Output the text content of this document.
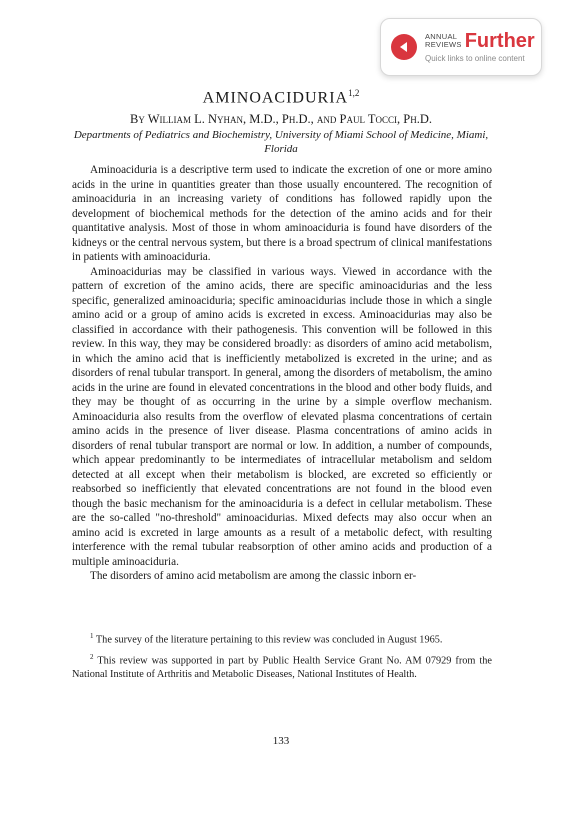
ANNUAL
REVIEWS Further
Quick links to online content
AMINOACIDURIA$^{1,2}$
By William L. Nyhan, M.D., Ph.D., and Paul Tocci, Ph.D.
Departments of Pediatrics and Biochemistry, University of Miami School of Medicine, Miami, Florida

Aminoaciduria is a descriptive term used to indicate the excretion of one or more amino acids in the urine in quantities greater than those usually encountered. The recognition of aminoaciduria in an increasing variety of conditions has followed rapidly upon the development of biochemical methods for the detection of the amino acids and for their quantitative analysis. Most of those in whom aminoaciduria is found have disorders of the kidneys or the central nervous system, but there is a broad spectrum of clinical manifestations in patients with aminoaciduria.

Aminoacidurias may be classified in various ways. Viewed in accordance with the pattern of excretion of the amino acids, there are specific aminoacidurias and the less specific, generalized aminoaciduria; specific aminoacidurias include those in which a single amino acid or a group of amino acids is excreted in excess. Aminoacidurias may also be classified in accordance with their pathogenesis. This convention will be followed in this review. In this way, they may be considered broadly: as disorders of amino acid metabolism, in which the amino acid that is inefficiently metabolized is excreted in the urine; and as disorders of renal tubular transport. In general, among the disorders of metabolism, the amino acids in the urine are found in elevated concentrations in the blood and other body fluids, and they may be thought of as occurring in the urine by a simple overflow mechanism. Aminoaciduria also results from the overflow of elevated plasma concentrations of certain amino acids in the presence of liver disease. Plasma concentrations of amino acids in disorders of renal tubular transport are normal or low. In addition, a number of compounds, which appear predominantly to be intermediates of intracellular metabolism and seldom detected at all except when their metabolism is blocked, are excreted so efficiently or reabsorbed so inefficiently that elevated concentrations are not found in the blood even though the basic mechanism for the aminoaciduria is a defect in cellular metabolism. These are the so-called "no-threshold" aminoacidurias. Mixed defects may also occur when an amino acid is excreted in large amounts as a result of a metabolic defect, with resulting interference with the remal tubular reabsorption of other amino acids and production of a multiple aminoaciduria.

The disorders of amino acid metabolism are among the classic inborn er-

$^1$ The survey of the literature pertaining to this review was concluded in August 1965.

$^2$ This review was supported in part by Public Health Service Grant No. AM 07929 from the National Institute of Arthritis and Metabolic Diseases, National Institutes of Health.

133
